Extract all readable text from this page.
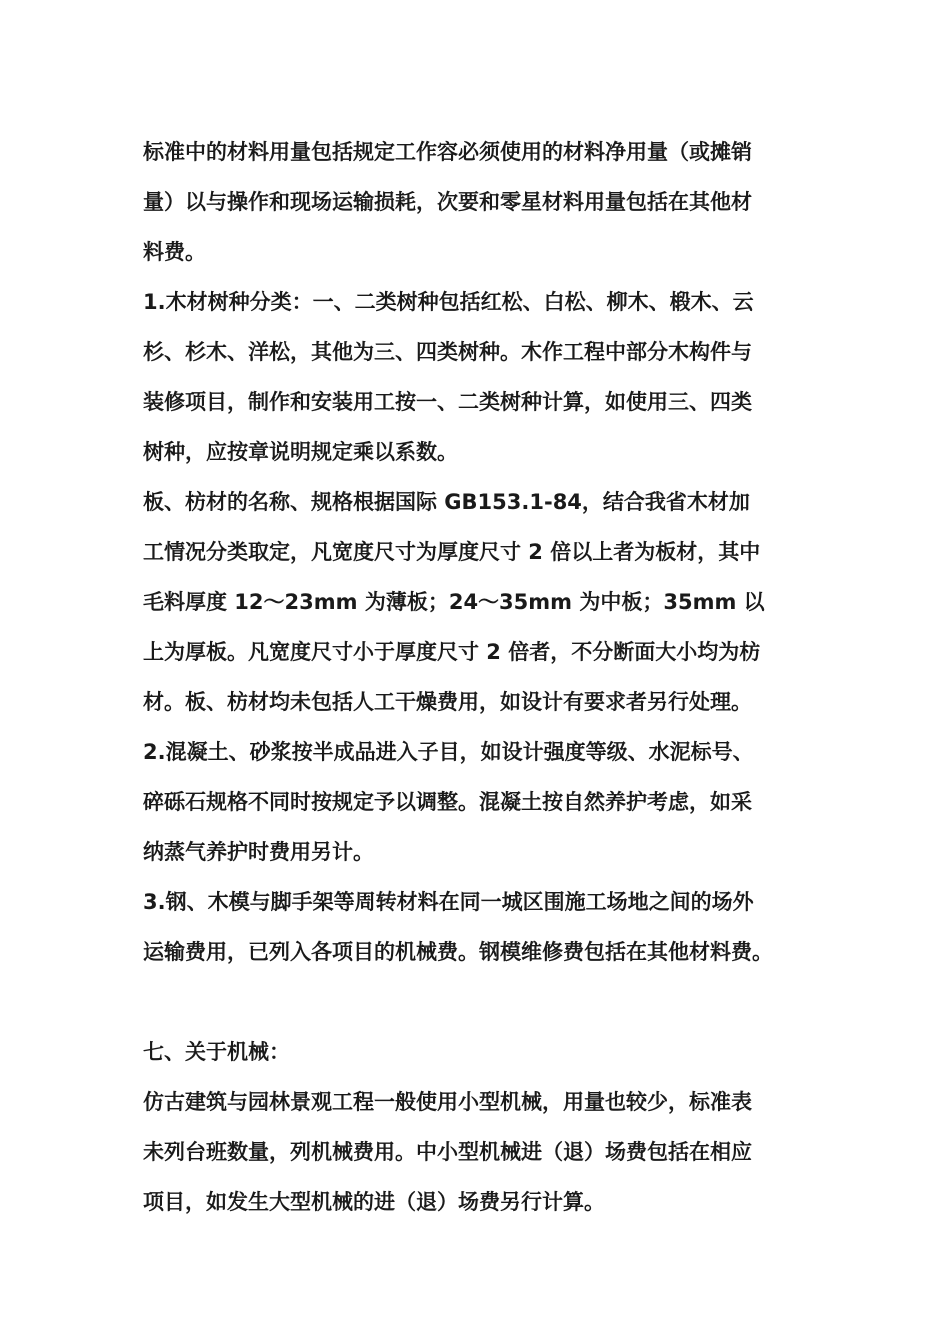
标准中的材料用量包括规定工作容必须使用的材料净用量（或摊销
量）以与操作和现场运输损耗，次要和零星材料用量包括在其他材
料费。

1.木材树种分类：一、二类树种包括红松、白松、柳木、椴木、云
杉、杉木、洋松，其他为三、四类树种。木作工程中部分木构件与
装修项目，制作和安装用工按一、二类树种计算，如使用三、四类
树种，应按章说明规定乘以系数。

板、枋材的名称、规格根据国际 GB153.1-84，结合我省木材加
工情况分类取定，凡宽度尺寸为厚度尺寸 2 倍以上者为板材，其中
毛料厚度 12～23mm 为薄板；24～35mm 为中板；35mm 以
上为厚板。凡宽度尺寸小于厚度尺寸 2 倍者，不分断面大小均为枋
材。板、枋材均未包括人工干燥费用，如设计有要求者另行处理。

2.混凝土、砂浆按半成品进入子目，如设计强度等级、水泥标号、
碎砾石规格不同时按规定予以调整。混凝土按自然养护考虑，如采
纳蒸气养护时费用另计。

3.钢、木模与脚手架等周转材料在同一城区围施工场地之间的场外
运输费用，已列入各项目的机械费。钢模维修费包括在其他材料费。

七、关于机械：

仿古建筑与园林景观工程一般使用小型机械，用量也较少，标准表
未列台班数量，列机械费用。中小型机械进（退）场费包括在相应
项目，如发生大型机械的进（退）场费另行计算。
